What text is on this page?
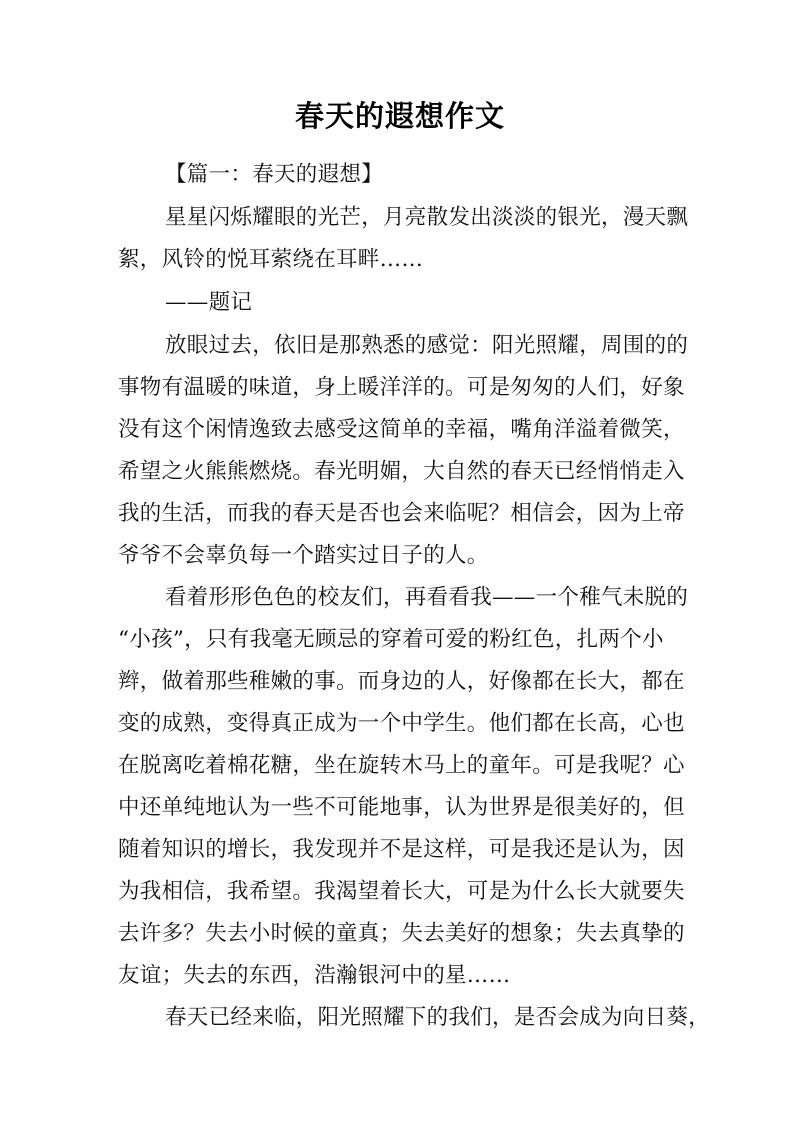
春天的遐想作文
【篇一：春天的遐想】
星星闪烁耀眼的光芒，月亮散发出淡淡的银光，漫天飘
絮，风铃的悦耳萦绕在耳畔……
——题记
放眼过去，依旧是那熟悉的感觉：阳光照耀，周围的的
事物有温暖的味道，身上暖洋洋的。可是匆匆的人们，好象
没有这个闲情逸致去感受这简单的幸福，嘴角洋溢着微笑，
希望之火熊熊燃烧。春光明媚，大自然的春天已经悄悄走入
我的生活，而我的春天是否也会来临呢？相信会，因为上帝
爷爷不会辜负每一个踏实过日子的人。
看着形形色色的校友们，再看看我——一个稚气未脱的
“小孩”，只有我毫无顾忌的穿着可爱的粉红色，扎两个小
辫，做着那些稚嫩的事。而身边的人，好像都在长大，都在
变的成熟，变得真正成为一个中学生。他们都在长高，心也
在脱离吃着棉花糖，坐在旋转木马上的童年。可是我呢？心
中还单纯地认为一些不可能地事，认为世界是很美好的，但
随着知识的增长，我发现并不是这样，可是我还是认为，因
为我相信，我希望。我渴望着长大，可是为什么长大就要失
去许多？失去小时候的童真；失去美好的想象；失去真挚的
友谊；失去的东西，浩瀚银河中的星……
春天已经来临，阳光照耀下的我们，是否会成为向日葵，
